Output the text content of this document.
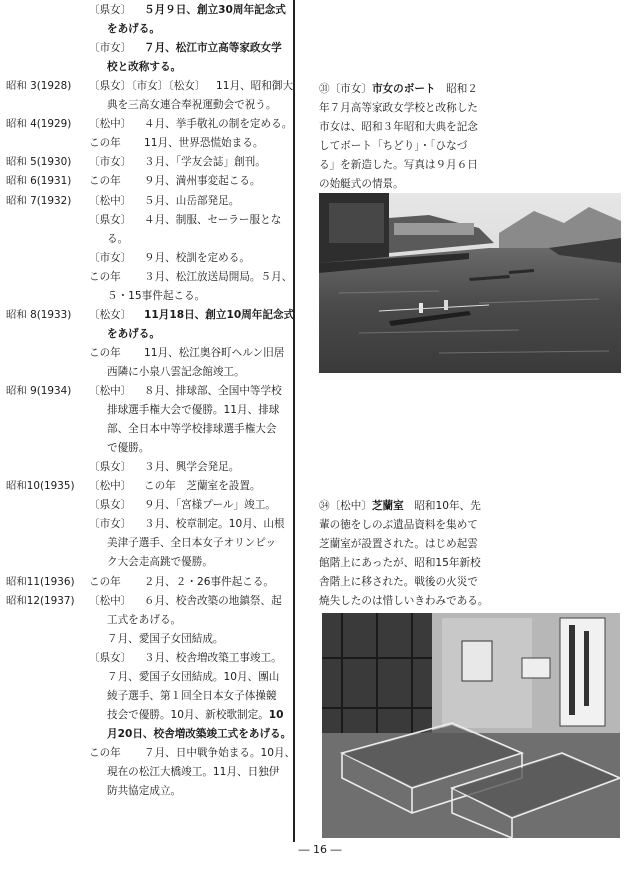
〔県女〕 ５月９日、創立30周年記念式
をあげる。
〔市女〕 ７月、松江市立高等家政女学
校と改称する。
昭和 3(1928) 〔県女〕〔市女〕〔松女〕 11月、昭和御大
典を三高女連合奉祝運動会で祝う。
昭和 4(1929) 〔松中〕 ４月、挙手敬礼の制を定める。
この年 11月、世界恐慌始まる。
昭和 5(1930) 〔市女〕 ３月、「学友会誌」創刊。
昭和 6(1931) この年 ９月、満州事変起こる。
昭和 7(1932) 〔松中〕 ５月、山岳部発足。
〔県女〕 ４月、制服、セーラー服とな
る。
〔市女〕 ９月、校訓を定める。
この年 ３月、松江放送局開局。５月、
５・15事件起こる。
昭和 8(1933) 〔松女〕 11月18日、創立10周年記念式
をあげる。
この年 11月、松江奥谷町ヘルン旧居
西隣に小泉八雲記念館竣工。
昭和 9(1934) 〔松中〕 ８月、排球部、全国中等学校
排球選手権大会で優勝。11月、排球
部、全日本中等学校排球選手権大会
で優勝。
〔県女〕 ３月、興学会発足。
昭和10(1935) 〔松中〕 この年　芝蘭室を設置。
〔県女〕 ９月、「宮様プール」竣工。
〔市女〕 ３月、校章制定。10月、山根
美津子選手、全日本女子オリンピッ
ク大会走高跳で優勝。
昭和11(1936) この年 ２月、２・26事件起こる。
昭和12(1937) 〔松中〕 ６月、校舎改築の地鎮祭、起
工式をあげる。
７月、愛国子女団結成。
〔県女〕 ３月、校舎増改築工事竣工。
７月、愛国子女団結成。10月、團山
綾子選手、第１回全日本女子体操競
技会で優勝。10月、新校歌制定。10
月20日、校舎増改築竣工式をあげる。
この年 ７月、日中戦争始まる。10月、
現在の松江大橋竣工。11月、日独伊
防共協定成立。
㉛〔市女〕市女のボート　 昭和２
年７月高等家政女学校と改称した
市女は、昭和３年昭和大典を記念
してボート「ちどり」・「ひなづ
る」を新造した。写真は９月６日
の始艇式の情景。
㉞〔松中〕芝蘭室　 昭和10年、先
輩の徳をしのぶ遺品資料を集めて
芝蘭室が設置された。はじめ起雲
館階上にあったが、昭和15年新校
舎階上に移された。戦後の火災で
焼失したのは惜しいきわみである。
― 16 ―
